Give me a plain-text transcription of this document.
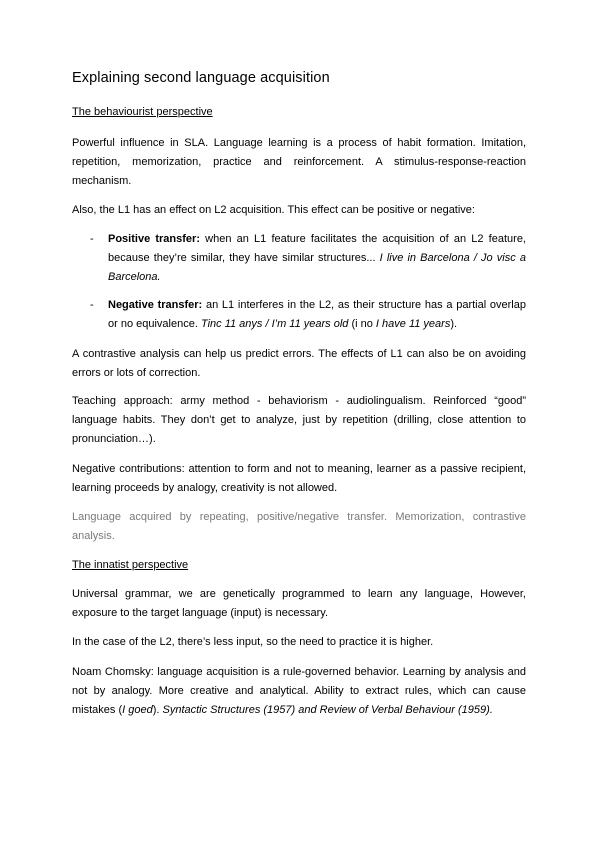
Explaining second language acquisition
The behaviourist perspective
Powerful influence in SLA. Language learning is a process of habit formation. Imitation, repetition, memorization, practice and reinforcement. A stimulus-response-reaction mechanism.
Also, the L1 has an effect on L2 acquisition. This effect can be positive or negative:
- Positive transfer: when an L1 feature facilitates the acquisition of an L2 feature, because they’re similar, they have similar structures... I live in Barcelona / Jo visc a Barcelona.
- Negative transfer: an L1 interferes in the L2, as their structure has a partial overlap or no equivalence. Tinc 11 anys / I’m 11 years old (i no I have 11 years).
A contrastive analysis can help us predict errors. The effects of L1 can also be on avoiding errors or lots of correction.
Teaching approach: army method - behaviorism - audiolingualism. Reinforced “good” language habits. They don’t get to analyze, just by repetition (drilling, close attention to pronunciation…).
Negative contributions: attention to form and not to meaning, learner as a passive recipient, learning proceeds by analogy, creativity is not allowed.
Language acquired by repeating, positive/negative transfer. Memorization, contrastive analysis.
The innatist perspective
Universal grammar, we are genetically programmed to learn any language, However, exposure to the target language (input) is necessary.
In the case of the L2, there’s less input, so the need to practice it is higher.
Noam Chomsky: language acquisition is a rule-governed behavior. Learning by analysis and not by analogy. More creative and analytical. Ability to extract rules, which can cause mistakes (I goed). Syntactic Structures (1957) and Review of Verbal Behaviour (1959).
